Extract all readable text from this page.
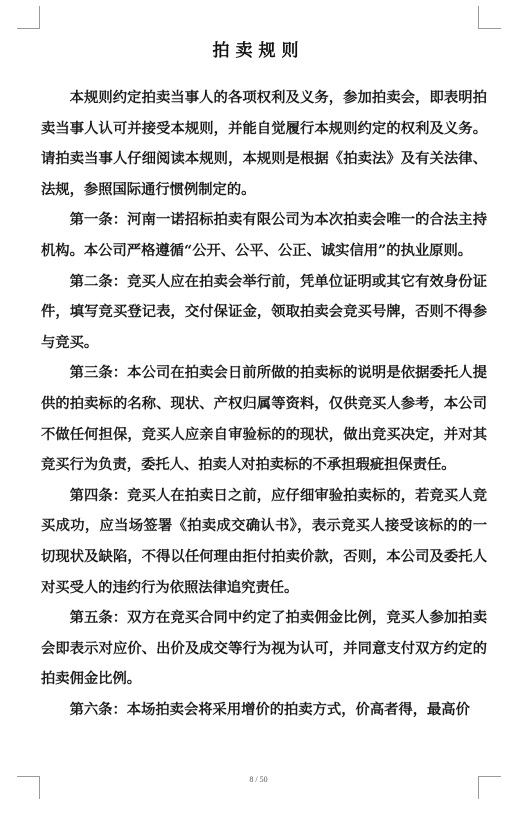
拍卖规则

本规则约定拍卖当事人的各项权利及义务，参加拍卖会，即表明拍卖当事人认可并接受本规则，并能自觉履行本规则约定的权利及义务。请拍卖当事人仔细阅读本规则，本规则是根据《拍卖法》及有关法律、法规，参照国际通行惯例制定的。

第一条：河南一诺招标拍卖有限公司为本次拍卖会唯一的合法主持机构。本公司严格遵循“公开、公平、公正、诚实信用”的执业原则。

第二条：竞买人应在拍卖会举行前，凭单位证明或其它有效身份证件，填写竞买登记表，交付保证金，领取拍卖会竞买号牌，否则不得参与竞买。

第三条：本公司在拍卖会日前所做的拍卖标的说明是依据委托人提供的拍卖标的名称、现状、产权归属等资料，仅供竞买人参考，本公司不做任何担保，竞买人应亲自审验标的的现状，做出竞买决定，并对其竞买行为负责，委托人、拍卖人对拍卖标的不承担瑕疵担保责任。

第四条：竞买人在拍卖日之前，应仔细审验拍卖标的，若竞买人竞买成功，应当场签署《拍卖成交确认书》，表示竞买人接受该标的的一切现状及缺陷，不得以任何理由拒付拍卖价款，否则，本公司及委托人对买受人的违约行为依照法律追究责任。

第五条：双方在竞买合同中约定了拍卖佣金比例，竞买人参加拍卖会即表示对应价、出价及成交等行为视为认可，并同意支付双方约定的拍卖佣金比例。

第六条：本场拍卖会将采用增价的拍卖方式，价高者得，最高价

8 / 50
